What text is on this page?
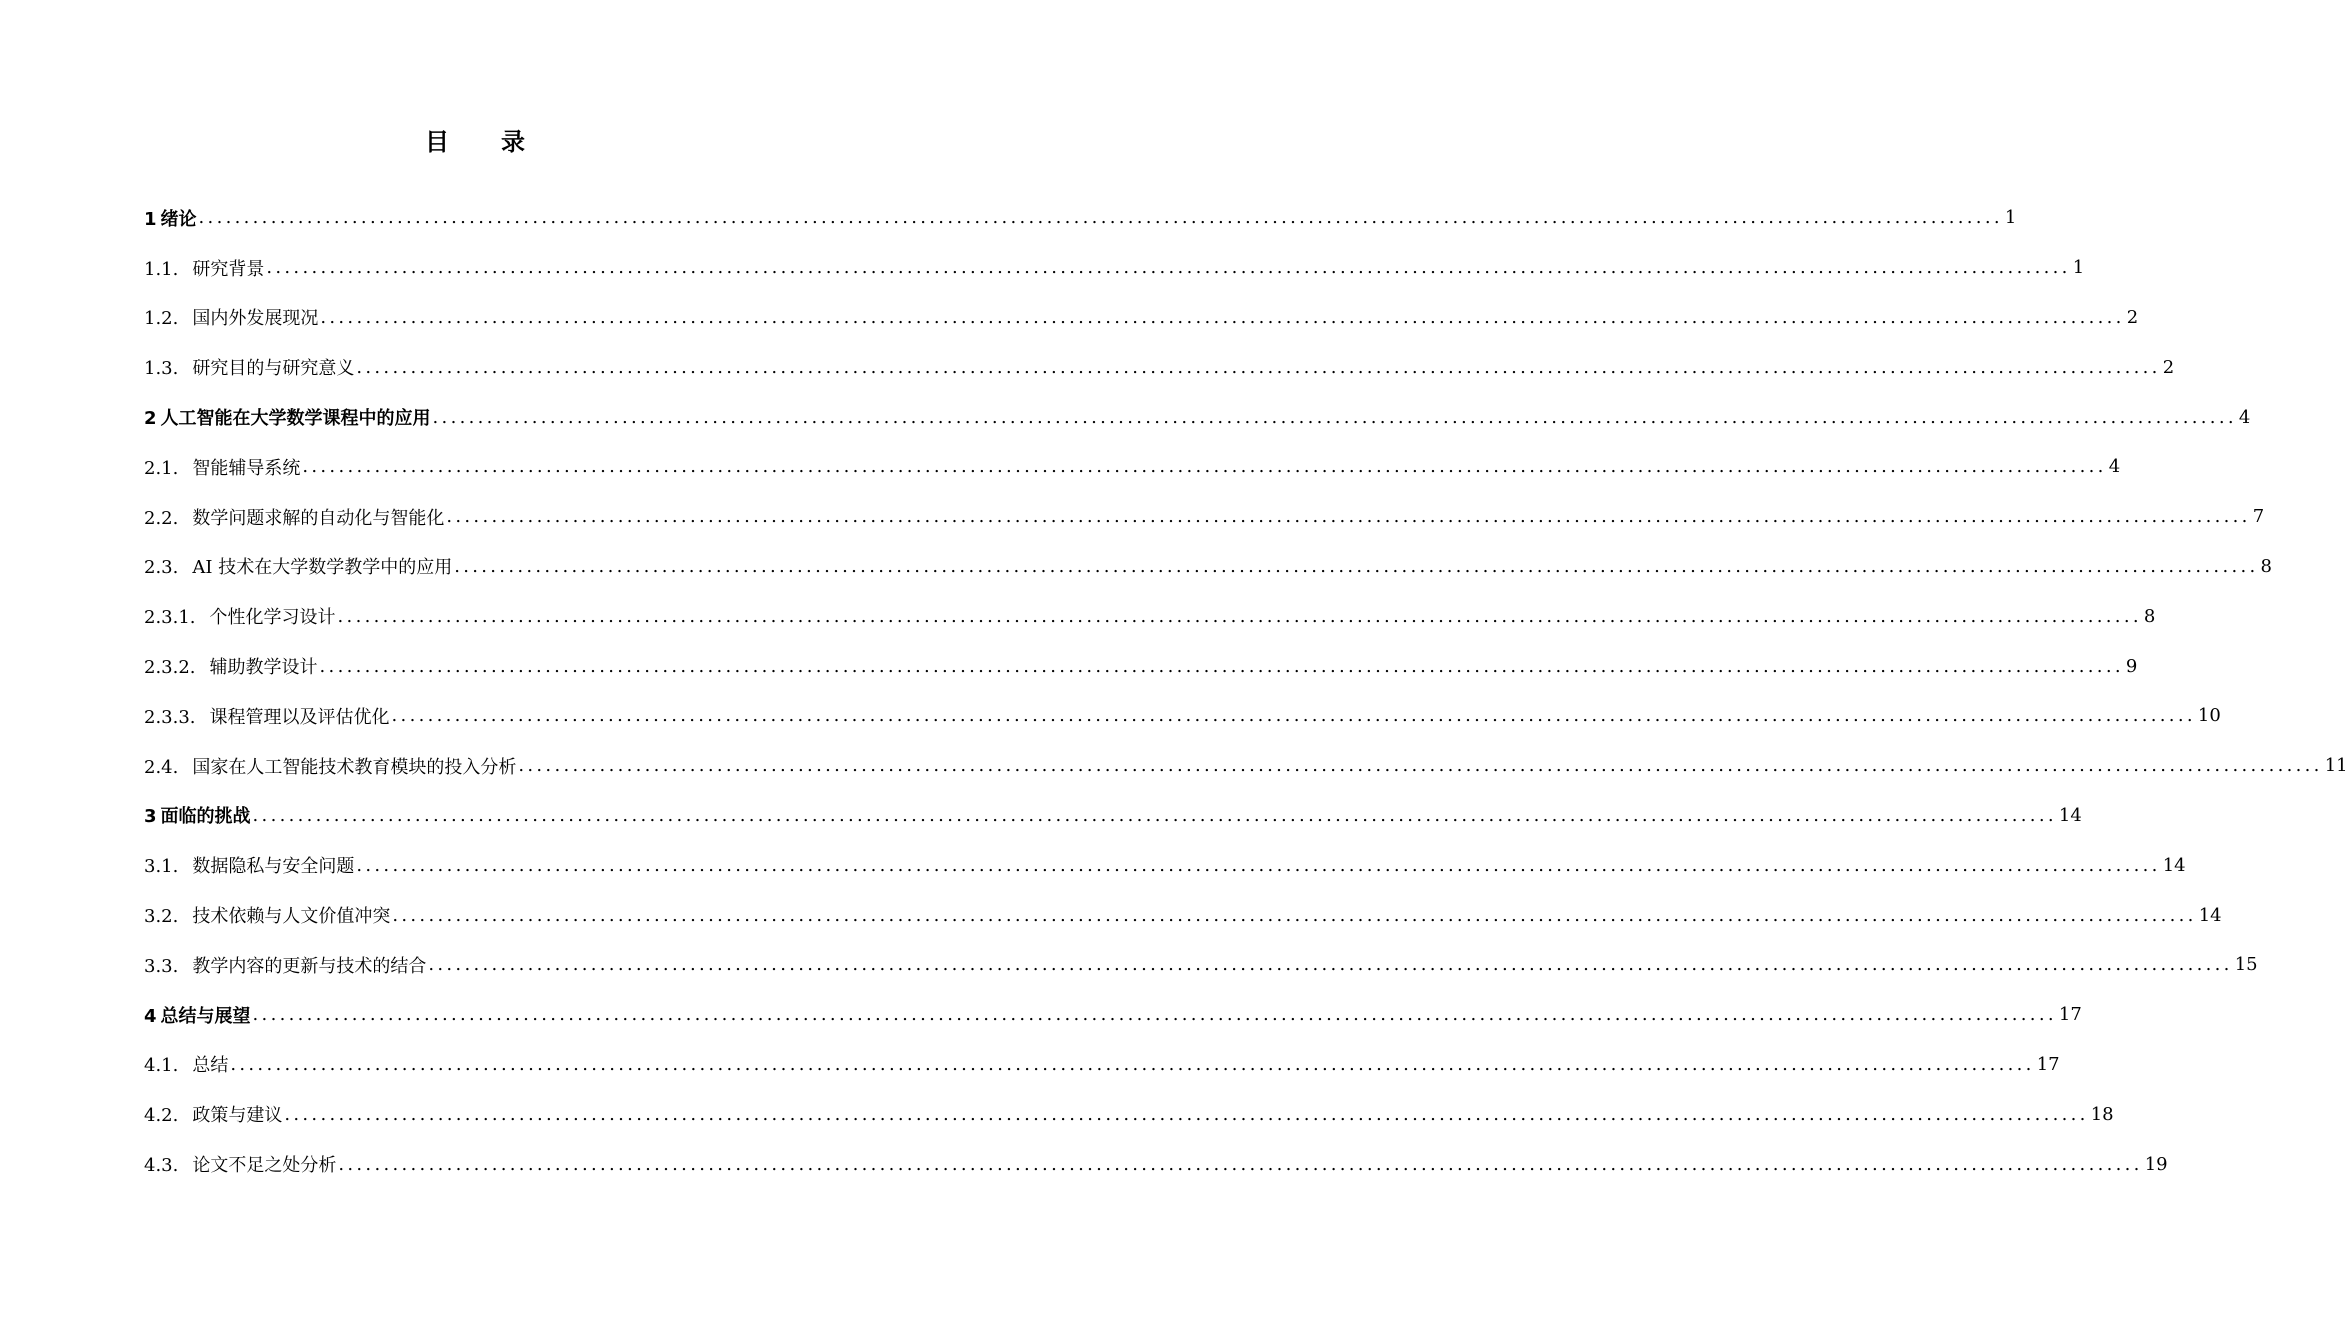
目录
1 绪论 ........................................................................................................................................................................................................ 1
1.1. 研究背景 ........................................................................................................................................................................................................ 1
1.2. 国内外发展现况 ........................................................................................................................................................................................................ 2
1.3. 研究目的与研究意义 ........................................................................................................................................................................................................ 2
2 人工智能在大学数学课程中的应用 ........................................................................................................................................................................................................ 4
2.1. 智能辅导系统 ........................................................................................................................................................................................................ 4
2.2. 数学问题求解的自动化与智能化 ........................................................................................................................................................................................................ 7
2.3. AI 技术在大学数学教学中的应用 ........................................................................................................................................................................................................ 8
2.3.1. 个性化学习设计 ........................................................................................................................................................................................................ 8
2.3.2. 辅助教学设计 ........................................................................................................................................................................................................ 9
2.3.3. 课程管理以及评估优化 ........................................................................................................................................................................................................ 10
2.4. 国家在人工智能技术教育模块的投入分析 ........................................................................................................................................................................................................ 11
3 面临的挑战 ........................................................................................................................................................................................................ 14
3.1. 数据隐私与安全问题 ........................................................................................................................................................................................................ 14
3.2. 技术依赖与人文价值冲突 ........................................................................................................................................................................................................ 14
3.3. 教学内容的更新与技术的结合 ........................................................................................................................................................................................................ 15
4 总结与展望 ........................................................................................................................................................................................................ 17
4.1. 总结 ........................................................................................................................................................................................................ 17
4.2. 政策与建议 ........................................................................................................................................................................................................ 18
4.3. 论文不足之处分析 ........................................................................................................................................................................................................ 19
